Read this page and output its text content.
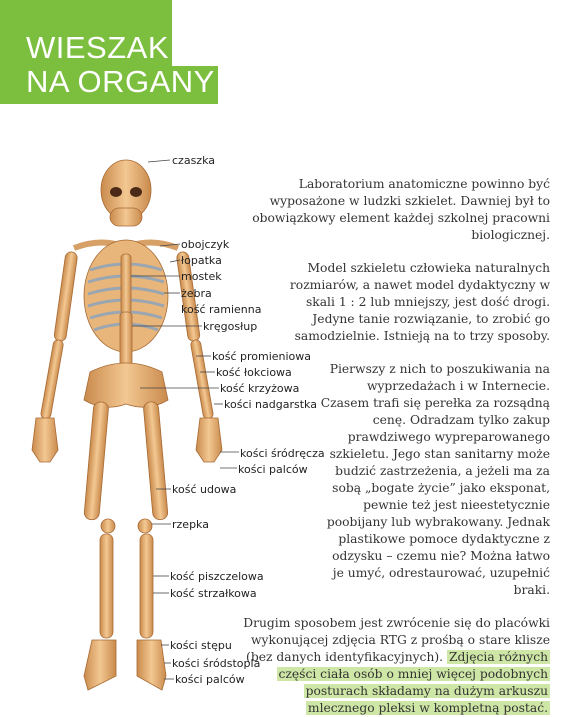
WIESZAK
NA ORGANY
czaszka
obojczyk
łopatka
mostek
żebra
kość ramienna
kręgosłup
kość promieniowa
kość łokciowa
kość krzyżowa
kości nadgarstka
kości śródręcza
kości palców
kość udowa
rzepka
kość piszczelowa
kość strzałkowa
kości stępu
kości śródstopia
kości palców

Laboratorium anatomiczne powinno być wyposażone w ludzki szkielet. Dawniej był to obowiązkowy element każdej szkolnej pracowni biologicznej.

Model szkieletu człowieka naturalnych rozmiarów, a nawet model dydaktyczny w skali 1 : 2 lub mniejszy, jest dość drogi. Jedyne tanie rozwiązanie, to zrobić go samodzielnie. Istnieją na to trzy sposoby.

Pierwszy z nich to poszukiwania na wyprzedażach i w Internecie. Czasem trafi się perełka za rozsądną cenę. Odradzam tylko zakup prawdziwego wypreparowanego szkieletu. Jego stan sanitarny może budzić zastrzeżenia, a jeżeli ma za sobą „bogate życie” jako eksponat, pewnie też jest nieestetycznie poobijany lub wybrakowany. Jednak plastikowe pomoce dydaktyczne z odzysku – czemu nie? Można łatwo je umyć, odrestaurować, uzupełnić braki.

Drugim sposobem jest zwrócenie się do placówki wykonującej zdjęcia RTG z prośbą o stare klisze (bez danych identyfikacyjnych). Zdjęcia różnych części ciała osób o mniej więcej podobnych posturach składamy na dużym arkuszu mlecznego pleksi w kompletną postać.
